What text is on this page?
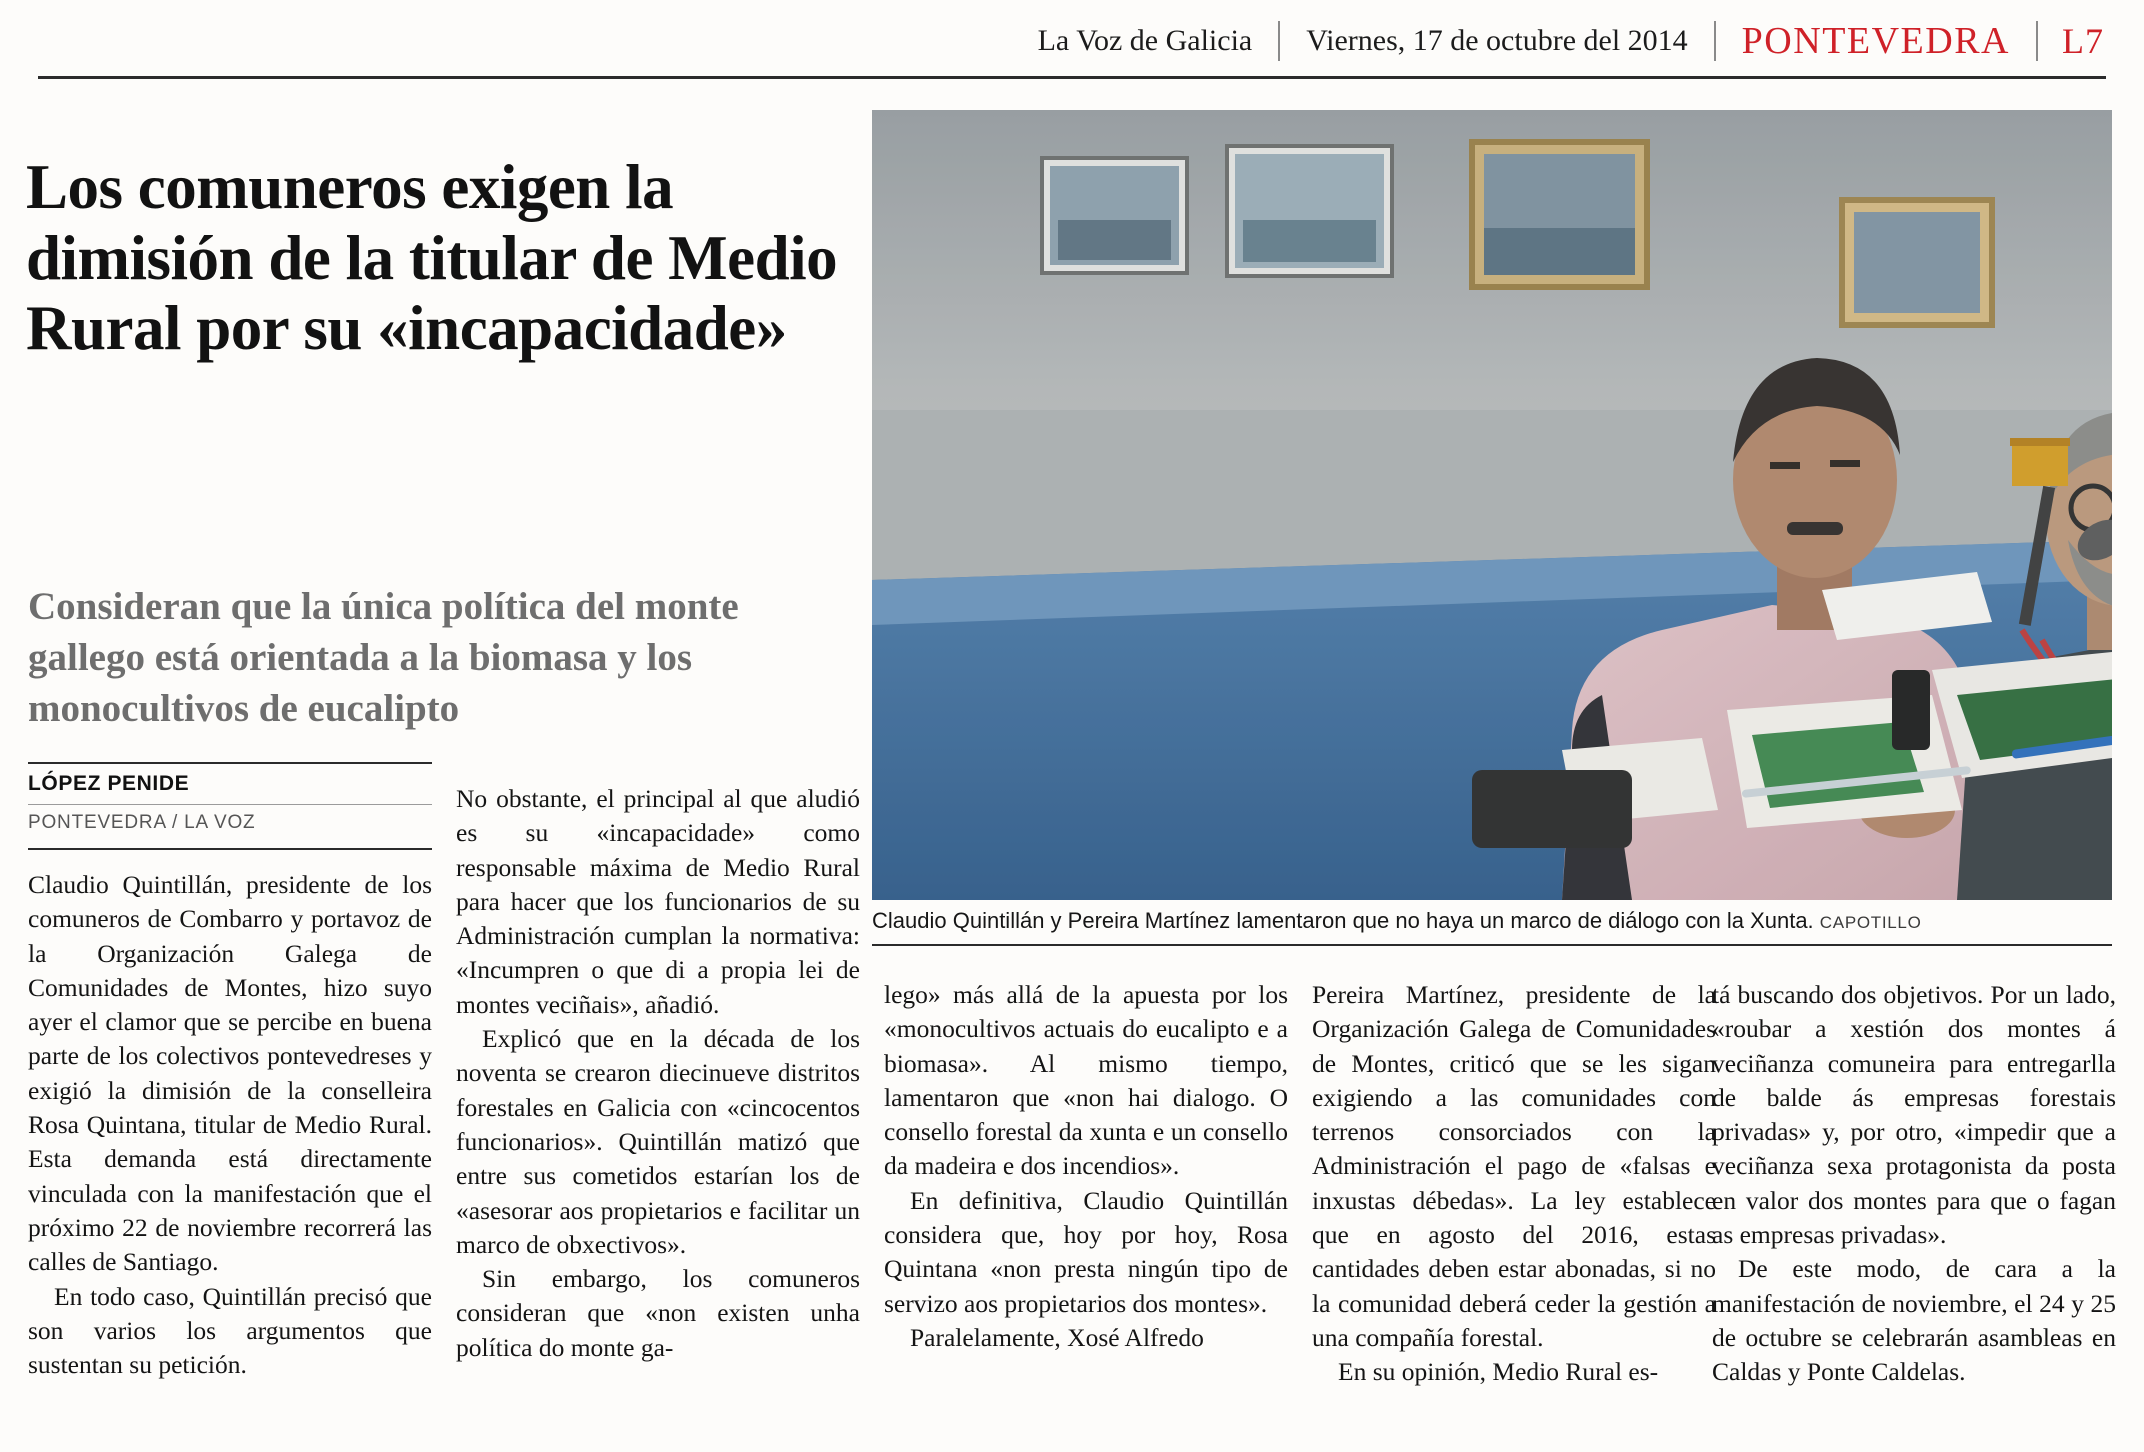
La Voz de Galicia	Viernes, 17 de octubre del 2014	PONTEVEDRA	L7
Los comuneros exigen la dimisión de la titular de Medio Rural por su «incapacidade»
Consideran que la única política del monte gallego está orientada a la biomasa y los monocultivos de eucalipto
LÓPEZ PENIDE
PONTEVEDRA / LA VOZ
Claudio Quintillán y Pereira Martínez lamentaron que no haya un marco de diálogo con la Xunta. CAPOTILLO

Claudio Quintillán, presidente de los comuneros de Combarro y portavoz de la Organización Galega de Comunidades de Montes, hizo suyo ayer el clamor que se percibe en buena parte de los colectivos pontevedreses y exigió la dimisión de la conselleira Rosa Quintana, titular de Medio Rural. Esta demanda está directamente vinculada con la manifestación que el próximo 22 de noviembre recorrerá las calles de Santiago.

En todo caso, Quintillán precisó que son varios los argumentos que sustentan su petición.

No obstante, el principal al que aludió es su «incapacidade» como responsable máxima de Medio Rural para hacer que los funcionarios de su Administración cumplan la normativa: «Incumpren o que di a propia lei de montes veciñais», añadió.

Explicó que en la década de los noventa se crearon diecinueve distritos forestales en Galicia con «cincocentos funcionarios». Quintillán matizó que entre sus cometidos estarían los de «asesorar aos propietarios e facilitar un marco de obxectivos».

Sin embargo, los comuneros consideran que «non existen unha política do monte ga-

lego» más allá de la apuesta por los «monocultivos actuais do eucalipto e a biomasa». Al mismo tiempo, lamentaron que «non hai dialogo. O consello forestal da xunta e un consello da madeira e dos incendios».

En definitiva, Claudio Quintillán considera que, hoy por hoy, Rosa Quintana «non presta ningún tipo de servizo aos propietarios dos montes».

Paralelamente, Xosé Alfredo

Pereira Martínez, presidente de la Organización Galega de Comunidades de Montes, criticó que se les sigan exigiendo a las comunidades con terrenos consorciados con la Administración el pago de «falsas e inxustas débedas». La ley establece que en agosto del 2016, estas cantidades deben estar abonadas, si no la comunidad deberá ceder la gestión a una compañía forestal.

En su opinión, Medio Rural es-

tá buscando dos objetivos. Por un lado, «roubar a xestión dos montes á veciñanza comuneira para entregarlla de balde ás empresas forestais privadas» y, por otro, «impedir que a veciñanza sexa protagonista da posta en valor dos montes para que o fagan as empresas privadas».

De este modo, de cara a la manifestación de noviembre, el 24 y 25 de octubre se celebrarán asambleas en Caldas y Ponte Caldelas.
